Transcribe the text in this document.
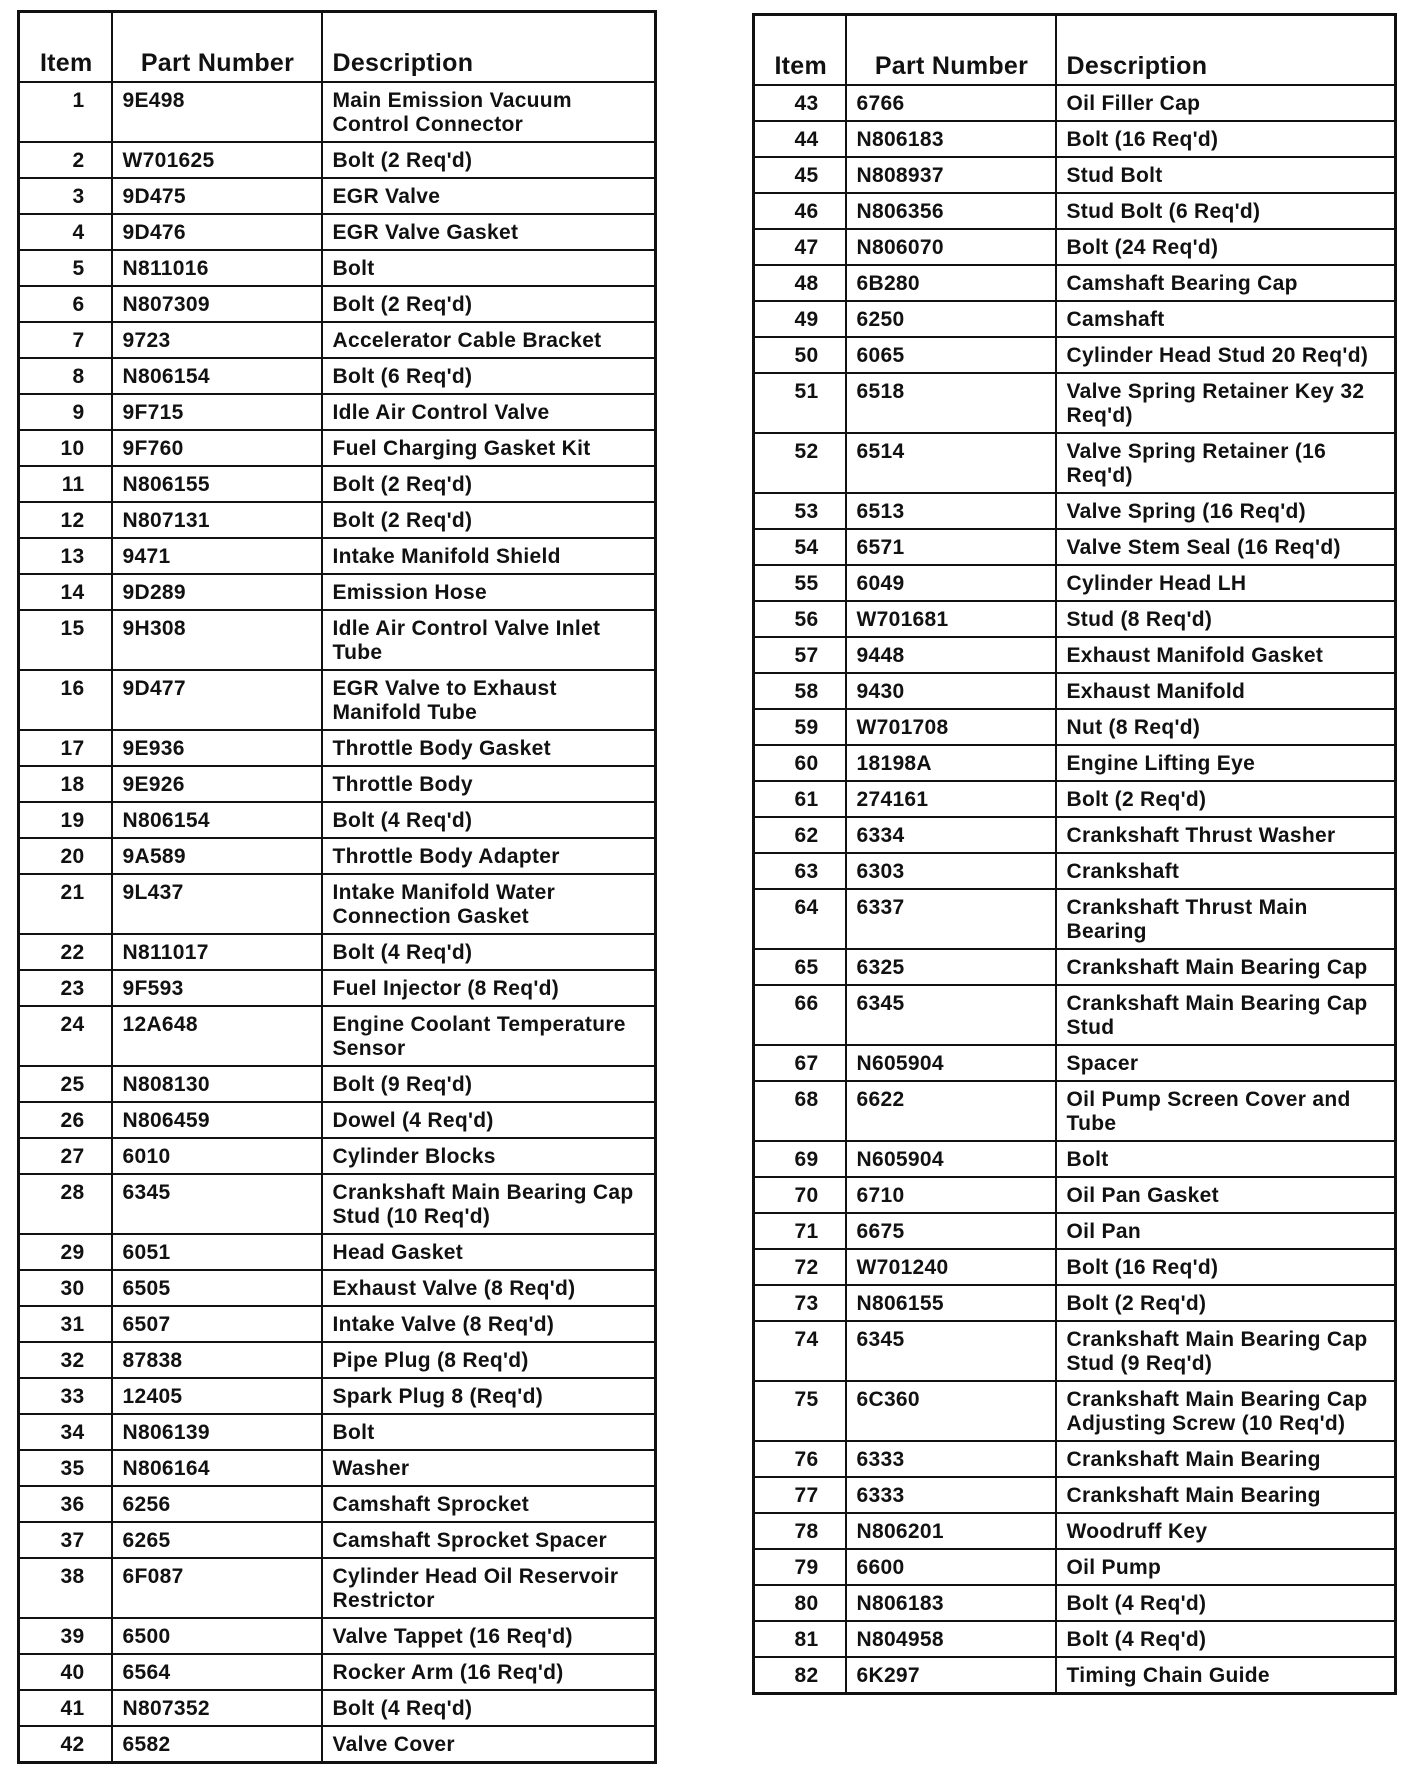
Item	Part Number	Description
1	9E498	Main Emission Vacuum Control Connector
2	W701625	Bolt (2 Req'd)
3	9D475	EGR Valve
4	9D476	EGR Valve Gasket
5	N811016	Bolt
6	N807309	Bolt (2 Req'd)
7	9723	Accelerator Cable Bracket
8	N806154	Bolt (6 Req'd)
9	9F715	Idle Air Control Valve
10	9F760	Fuel Charging Gasket Kit
11	N806155	Bolt (2 Req'd)
12	N807131	Bolt (2 Req'd)
13	9471	Intake Manifold Shield
14	9D289	Emission Hose
15	9H308	Idle Air Control Valve Inlet Tube
16	9D477	EGR Valve to Exhaust Manifold Tube
17	9E936	Throttle Body Gasket
18	9E926	Throttle Body
19	N806154	Bolt (4 Req'd)
20	9A589	Throttle Body Adapter
21	9L437	Intake Manifold Water Connection Gasket
22	N811017	Bolt (4 Req'd)
23	9F593	Fuel Injector (8 Req'd)
24	12A648	Engine Coolant Temperature Sensor
25	N808130	Bolt (9 Req'd)
26	N806459	Dowel (4 Req'd)
27	6010	Cylinder Blocks
28	6345	Crankshaft Main Bearing Cap Stud (10 Req'd)
29	6051	Head Gasket
30	6505	Exhaust Valve (8 Req'd)
31	6507	Intake Valve (8 Req'd)
32	87838	Pipe Plug (8 Req'd)
33	12405	Spark Plug 8 (Req'd)
34	N806139	Bolt
35	N806164	Washer
36	6256	Camshaft Sprocket
37	6265	Camshaft Sprocket Spacer
38	6F087	Cylinder Head Oil Reservoir Restrictor
39	6500	Valve Tappet (16 Req'd)
40	6564	Rocker Arm (16 Req'd)
41	N807352	Bolt (4 Req'd)
42	6582	Valve Cover
Item	Part Number	Description
43	6766	Oil Filler Cap
44	N806183	Bolt (16 Req'd)
45	N808937	Stud Bolt
46	N806356	Stud Bolt (6 Req'd)
47	N806070	Bolt (24 Req'd)
48	6B280	Camshaft Bearing Cap
49	6250	Camshaft
50	6065	Cylinder Head Stud 20 Req'd)
51	6518	Valve Spring Retainer Key 32 Req'd)
52	6514	Valve Spring Retainer (16 Req'd)
53	6513	Valve Spring (16 Req'd)
54	6571	Valve Stem Seal (16 Req'd)
55	6049	Cylinder Head LH
56	W701681	Stud (8 Req'd)
57	9448	Exhaust Manifold Gasket
58	9430	Exhaust Manifold
59	W701708	Nut (8 Req'd)
60	18198A	Engine Lifting Eye
61	274161	Bolt (2 Req'd)
62	6334	Crankshaft Thrust Washer
63	6303	Crankshaft
64	6337	Crankshaft Thrust Main Bearing
65	6325	Crankshaft Main Bearing Cap
66	6345	Crankshaft Main Bearing Cap Stud
67	N605904	Spacer
68	6622	Oil Pump Screen Cover and Tube
69	N605904	Bolt
70	6710	Oil Pan Gasket
71	6675	Oil Pan
72	W701240	Bolt (16 Req'd)
73	N806155	Bolt (2 Req'd)
74	6345	Crankshaft Main Bearing Cap Stud (9 Req'd)
75	6C360	Crankshaft Main Bearing Cap Adjusting Screw (10 Req'd)
76	6333	Crankshaft Main Bearing
77	6333	Crankshaft Main Bearing
78	N806201	Woodruff Key
79	6600	Oil Pump
80	N806183	Bolt (4 Req'd)
81	N804958	Bolt (4 Req'd)
82	6K297	Timing Chain Guide
